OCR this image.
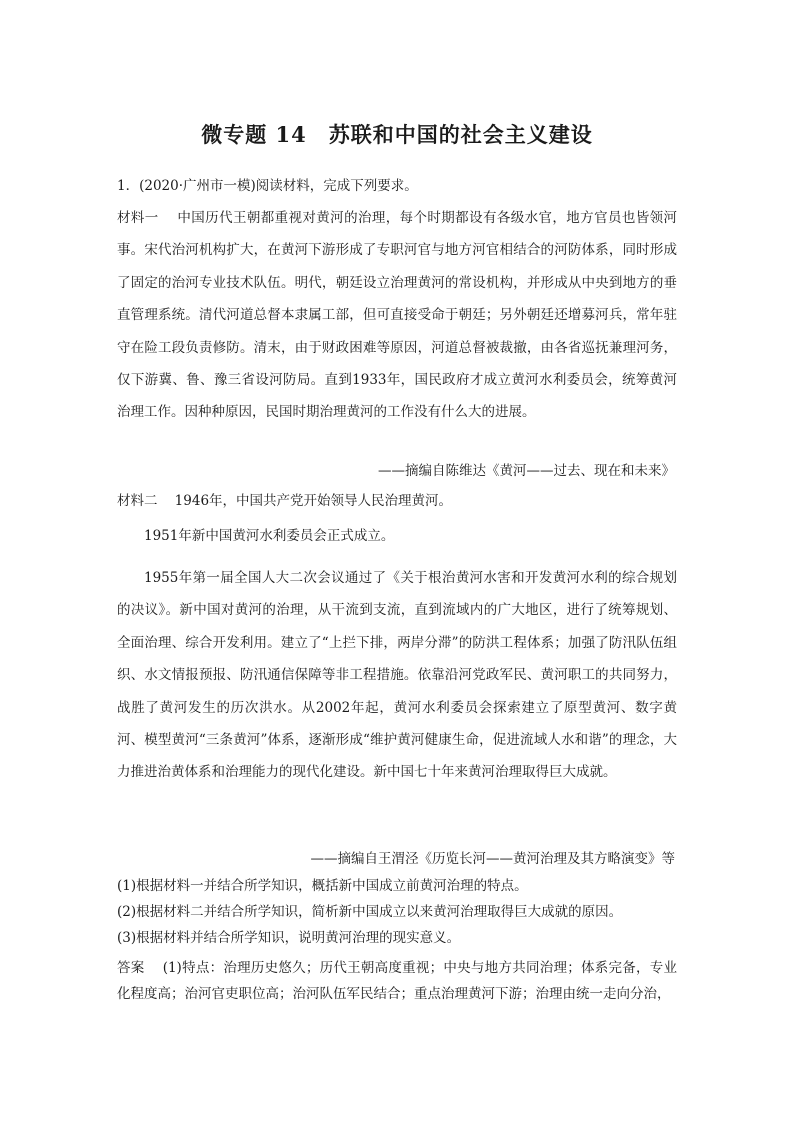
微专题 14　苏联和中国的社会主义建设
1．(2020·广州市一模)阅读材料，完成下列要求。
材料一 中国历代王朝都重视对黄河的治理，每个时期都设有各级水官，地方官员也皆领河事。宋代治河机构扩大，在黄河下游形成了专职河官与地方河官相结合的河防体系，同时形成了固定的治河专业技术队伍。明代，朝廷设立治理黄河的常设机构，并形成从中央到地方的垂直管理系统。清代河道总督本隶属工部，但可直接受命于朝廷；另外朝廷还增募河兵，常年驻守在险工段负责修防。清末，由于财政困难等原因，河道总督被裁撤，由各省巡抚兼理河务，仅下游冀、鲁、豫三省设河防局。直到1933年，国民政府才成立黄河水利委员会，统筹黄河治理工作。因种种原因，民国时期治理黄河的工作没有什么大的进展。
——摘编自陈维达《黄河——过去、现在和未来》
材料二 1946年，中国共产党开始领导人民治理黄河。
1951年新中国黄河水利委员会正式成立。
1955年第一届全国人大二次会议通过了《关于根治黄河水害和开发黄河水利的综合规划的决议》。新中国对黄河的治理，从干流到支流，直到流域内的广大地区，进行了统筹规划、全面治理、综合开发利用。建立了“上拦下排，两岸分滞”的防洪工程体系；加强了防汛队伍组织、水文情报预报、防汛通信保障等非工程措施。依靠沿河党政军民、黄河职工的共同努力，战胜了黄河发生的历次洪水。从2002年起，黄河水利委员会探索建立了原型黄河、数字黄河、模型黄河“三条黄河”体系，逐渐形成“维护黄河健康生命，促进流域人水和谐”的理念，大力推进治黄体系和治理能力的现代化建设。新中国七十年来黄河治理取得巨大成就。
——摘编自王渭泾《历览长河——黄河治理及其方略演变》等
(1)根据材料一并结合所学知识，概括新中国成立前黄河治理的特点。
(2)根据材料二并结合所学知识，简析新中国成立以来黄河治理取得巨大成就的原因。
(3)根据材料并结合所学知识，说明黄河治理的现实意义。
答案 (1)特点：治理历史悠久；历代王朝高度重视；中央与地方共同治理；体系完备，专业化程度高；治河官吏职位高；治河队伍军民结合；重点治理黄河下游；治理由统一走向分治，
